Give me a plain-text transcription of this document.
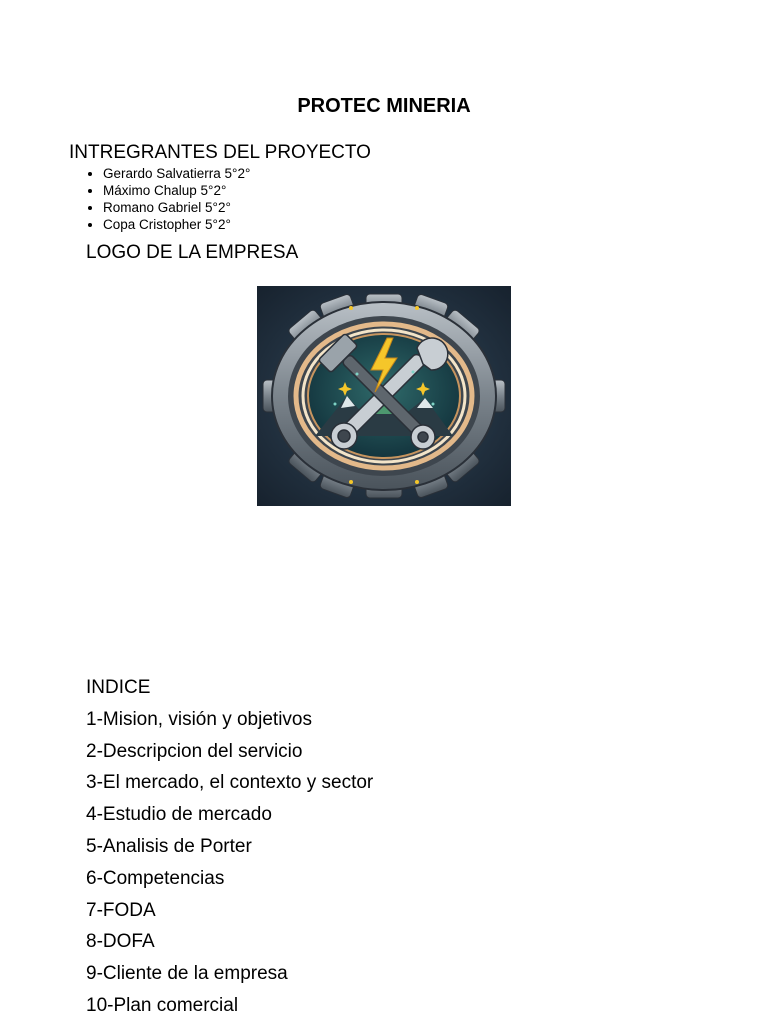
PROTEC MINERIA
INTREGRANTES DEL PROYECTO
• Gerardo Salvatierra 5°2°
• Máximo Chalup 5°2°
• Romano Gabriel 5°2°
• Copa Cristopher 5°2°
LOGO DE LA EMPRESA
INDICE
1-Mision, visión y objetivos
2-Descripcion del servicio
3-El mercado, el contexto y sector
4-Estudio de mercado
5-Analisis de Porter
6-Competencias
7-FODA
8-DOFA
9-Cliente de la empresa
10-Plan comercial
